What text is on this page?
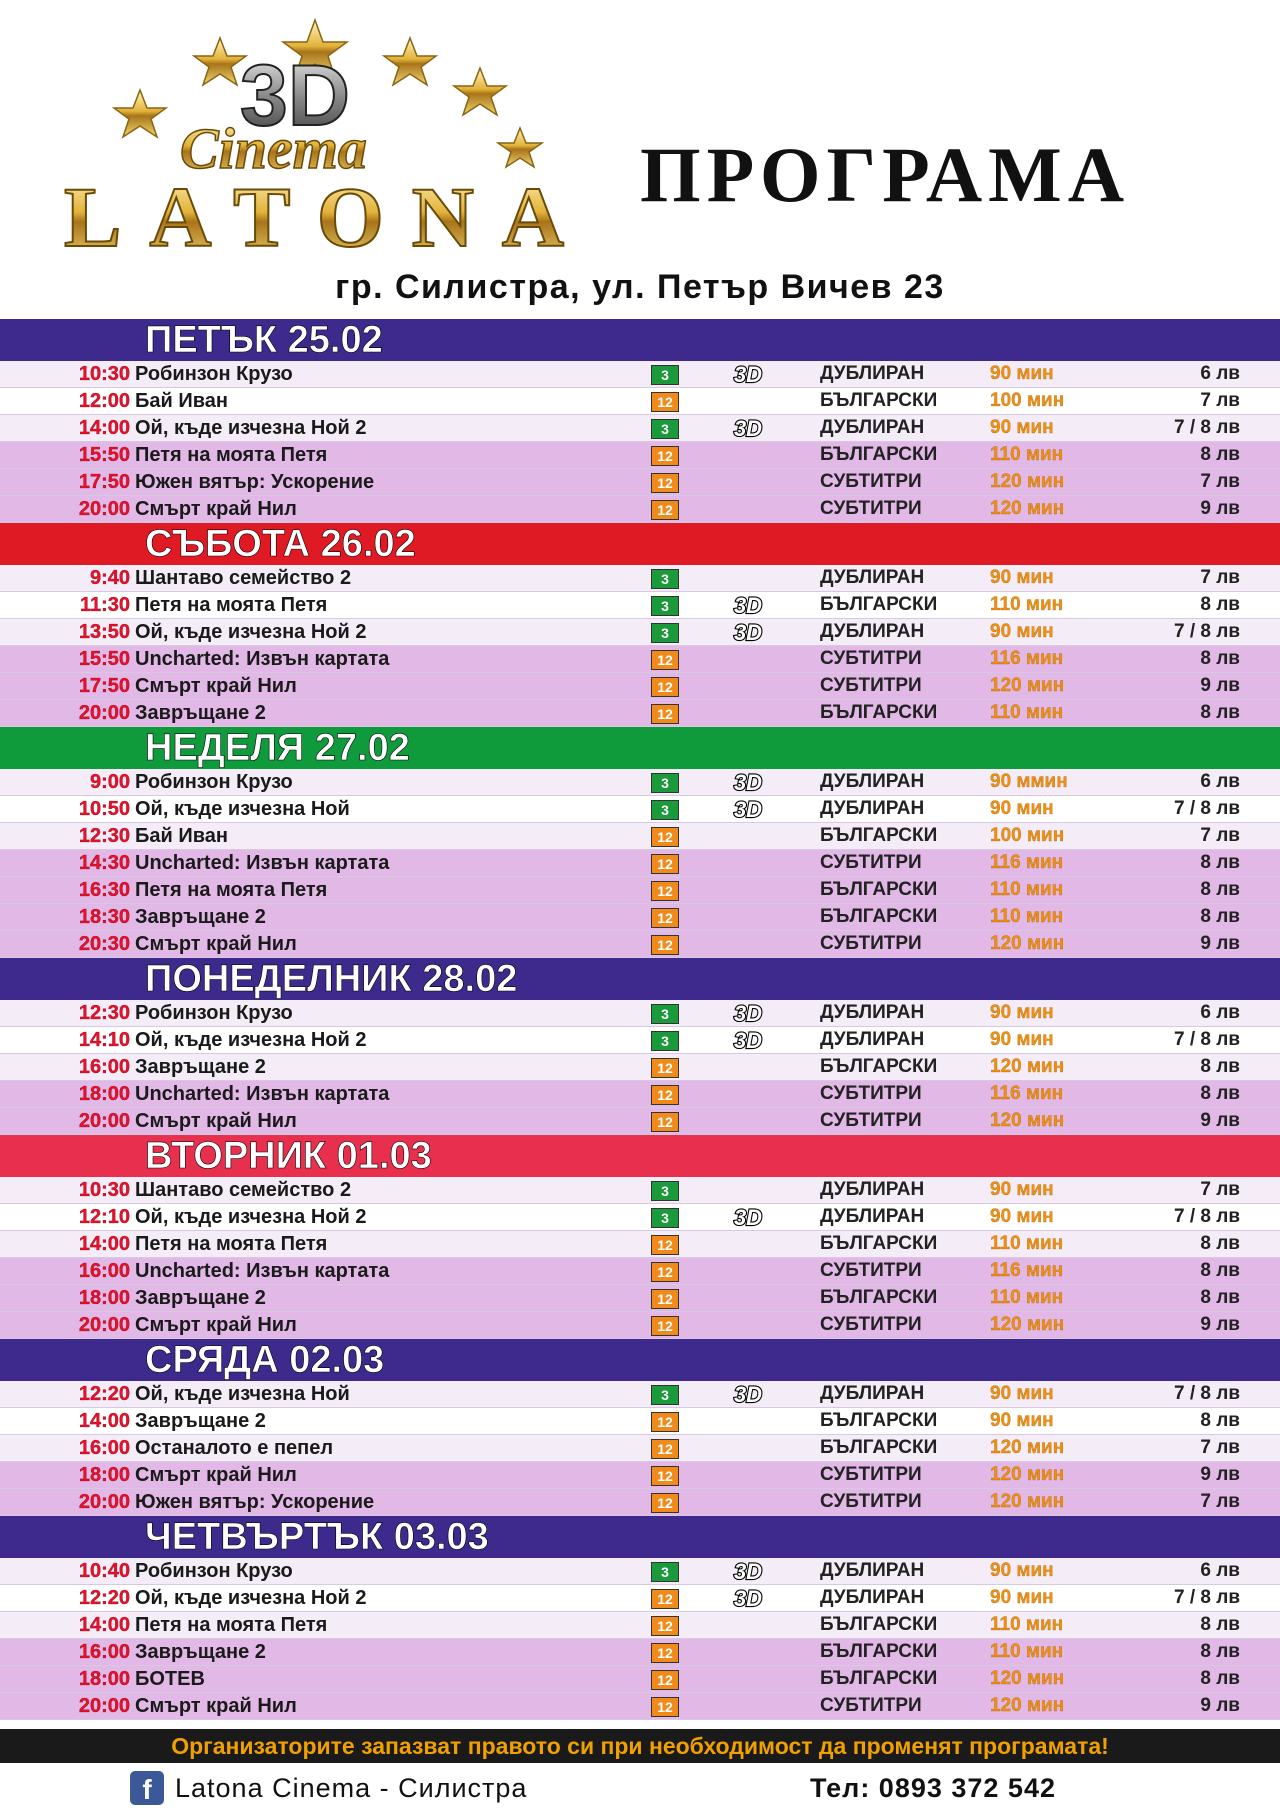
3D
Cinema
LATONA ПРОГРАМА
гр. Силистра, ул. Петър Вичев 23
ПЕТЪК 25.02
10:30 Робинзон Крузо	3	3D	ДУБЛИРАН	90 мин	6 лв
12:00 Бай Иван	12	БЪЛГАРСКИ	100 мин	7 лв
14:00 Ой, къде изчезна Ной 2	3	3D	ДУБЛИРАН	90 мин	7 / 8 лв
15:50 Петя на моята Петя	12	БЪЛГАРСКИ	110 мин	8 лв
17:50 Южен вятър: Ускорение	12	СУБТИТРИ	120 мин	7 лв
20:00 Смърт край Нил	12	СУБТИТРИ	120 мин	9 лв
СЪБОТА 26.02
9:40 Шантаво семейство 2	3	ДУБЛИРАН	90 мин	7 лв
11:30 Петя на моята Петя	3	3D	БЪЛГАРСКИ	110 мин	8 лв
13:50 Ой, къде изчезна Ной 2	3	3D	ДУБЛИРАН	90 мин	7 / 8 лв
15:50 Uncharted: Извън картата	12	СУБТИТРИ	116 мин	8 лв
17:50 Смърт край Нил	12	СУБТИТРИ	120 мин	9 лв
20:00 Завръщане 2	12	БЪЛГАРСКИ	110 мин	8 лв
НЕДЕЛЯ 27.02
9:00 Робинзон Крузо	3	3D	ДУБЛИРАН	90 ммин	6 лв
10:50 Ой, къде изчезна Ной	3	3D	ДУБЛИРАН	90 мин	7 / 8 лв
12:30 Бай Иван	12	БЪЛГАРСКИ	100 мин	7 лв
14:30 Uncharted: Извън картата	12	СУБТИТРИ	116 мин	8 лв
16:30 Петя на моята Петя	12	БЪЛГАРСКИ	110 мин	8 лв
18:30 Завръщане 2	12	БЪЛГАРСКИ	110 мин	8 лв
20:30 Смърт край Нил	12	СУБТИТРИ	120 мин	9 лв
ПОНЕДЕЛНИК 28.02
12:30 Робинзон Крузо	3	3D	ДУБЛИРАН	90 мин	6 лв
14:10 Ой, къде изчезна Ной 2	3	3D	ДУБЛИРАН	90 мин	7 / 8 лв
16:00 Завръщане 2	12	БЪЛГАРСКИ	120 мин	8 лв
18:00 Uncharted: Извън картата	12	СУБТИТРИ	116 мин	8 лв
20:00 Смърт край Нил	12	СУБТИТРИ	120 мин	9 лв
ВТОРНИК 01.03
10:30 Шантаво семейство 2	3	ДУБЛИРАН	90 мин	7 лв
12:10 Ой, къде изчезна Ной 2	3	3D	ДУБЛИРАН	90 мин	7 / 8 лв
14:00 Петя на моята Петя	12	БЪЛГАРСКИ	110 мин	8 лв
16:00 Uncharted: Извън картата	12	СУБТИТРИ	116 мин	8 лв
18:00 Завръщане 2	12	БЪЛГАРСКИ	110 мин	8 лв
20:00 Смърт край Нил	12	СУБТИТРИ	120 мин	9 лв
СРЯДА 02.03
12:20 Ой, къде изчезна Ной	3	3D	ДУБЛИРАН	90 мин	7 / 8 лв
14:00 Завръщане 2	12	БЪЛГАРСКИ	90 мин	8 лв
16:00 Останалото е пепел	12	БЪЛГАРСКИ	120 мин	7 лв
18:00 Смърт край Нил	12	СУБТИТРИ	120 мин	9 лв
20:00 Южен вятър: Ускорение	12	СУБТИТРИ	120 мин	7 лв
ЧЕТВЪРТЪК 03.03
10:40 Робинзон Крузо	3	3D	ДУБЛИРАН	90 мин	6 лв
12:20 Ой, къде изчезна Ной 2	12	3D	ДУБЛИРАН	90 мин	7 / 8 лв
14:00 Петя на моята Петя	12	БЪЛГАРСКИ	110 мин	8 лв
16:00 Завръщане 2	12	БЪЛГАРСКИ	110 мин	8 лв
18:00 БОТЕВ	12	БЪЛГАРСКИ	120 мин	8 лв
20:00 Смърт край Нил	12	СУБТИТРИ	120 мин	9 лв
Организаторите запазват правото си при необходимост да променят програмата!
f Latona Cinema - Силистра	Тел: 0893 372 542
